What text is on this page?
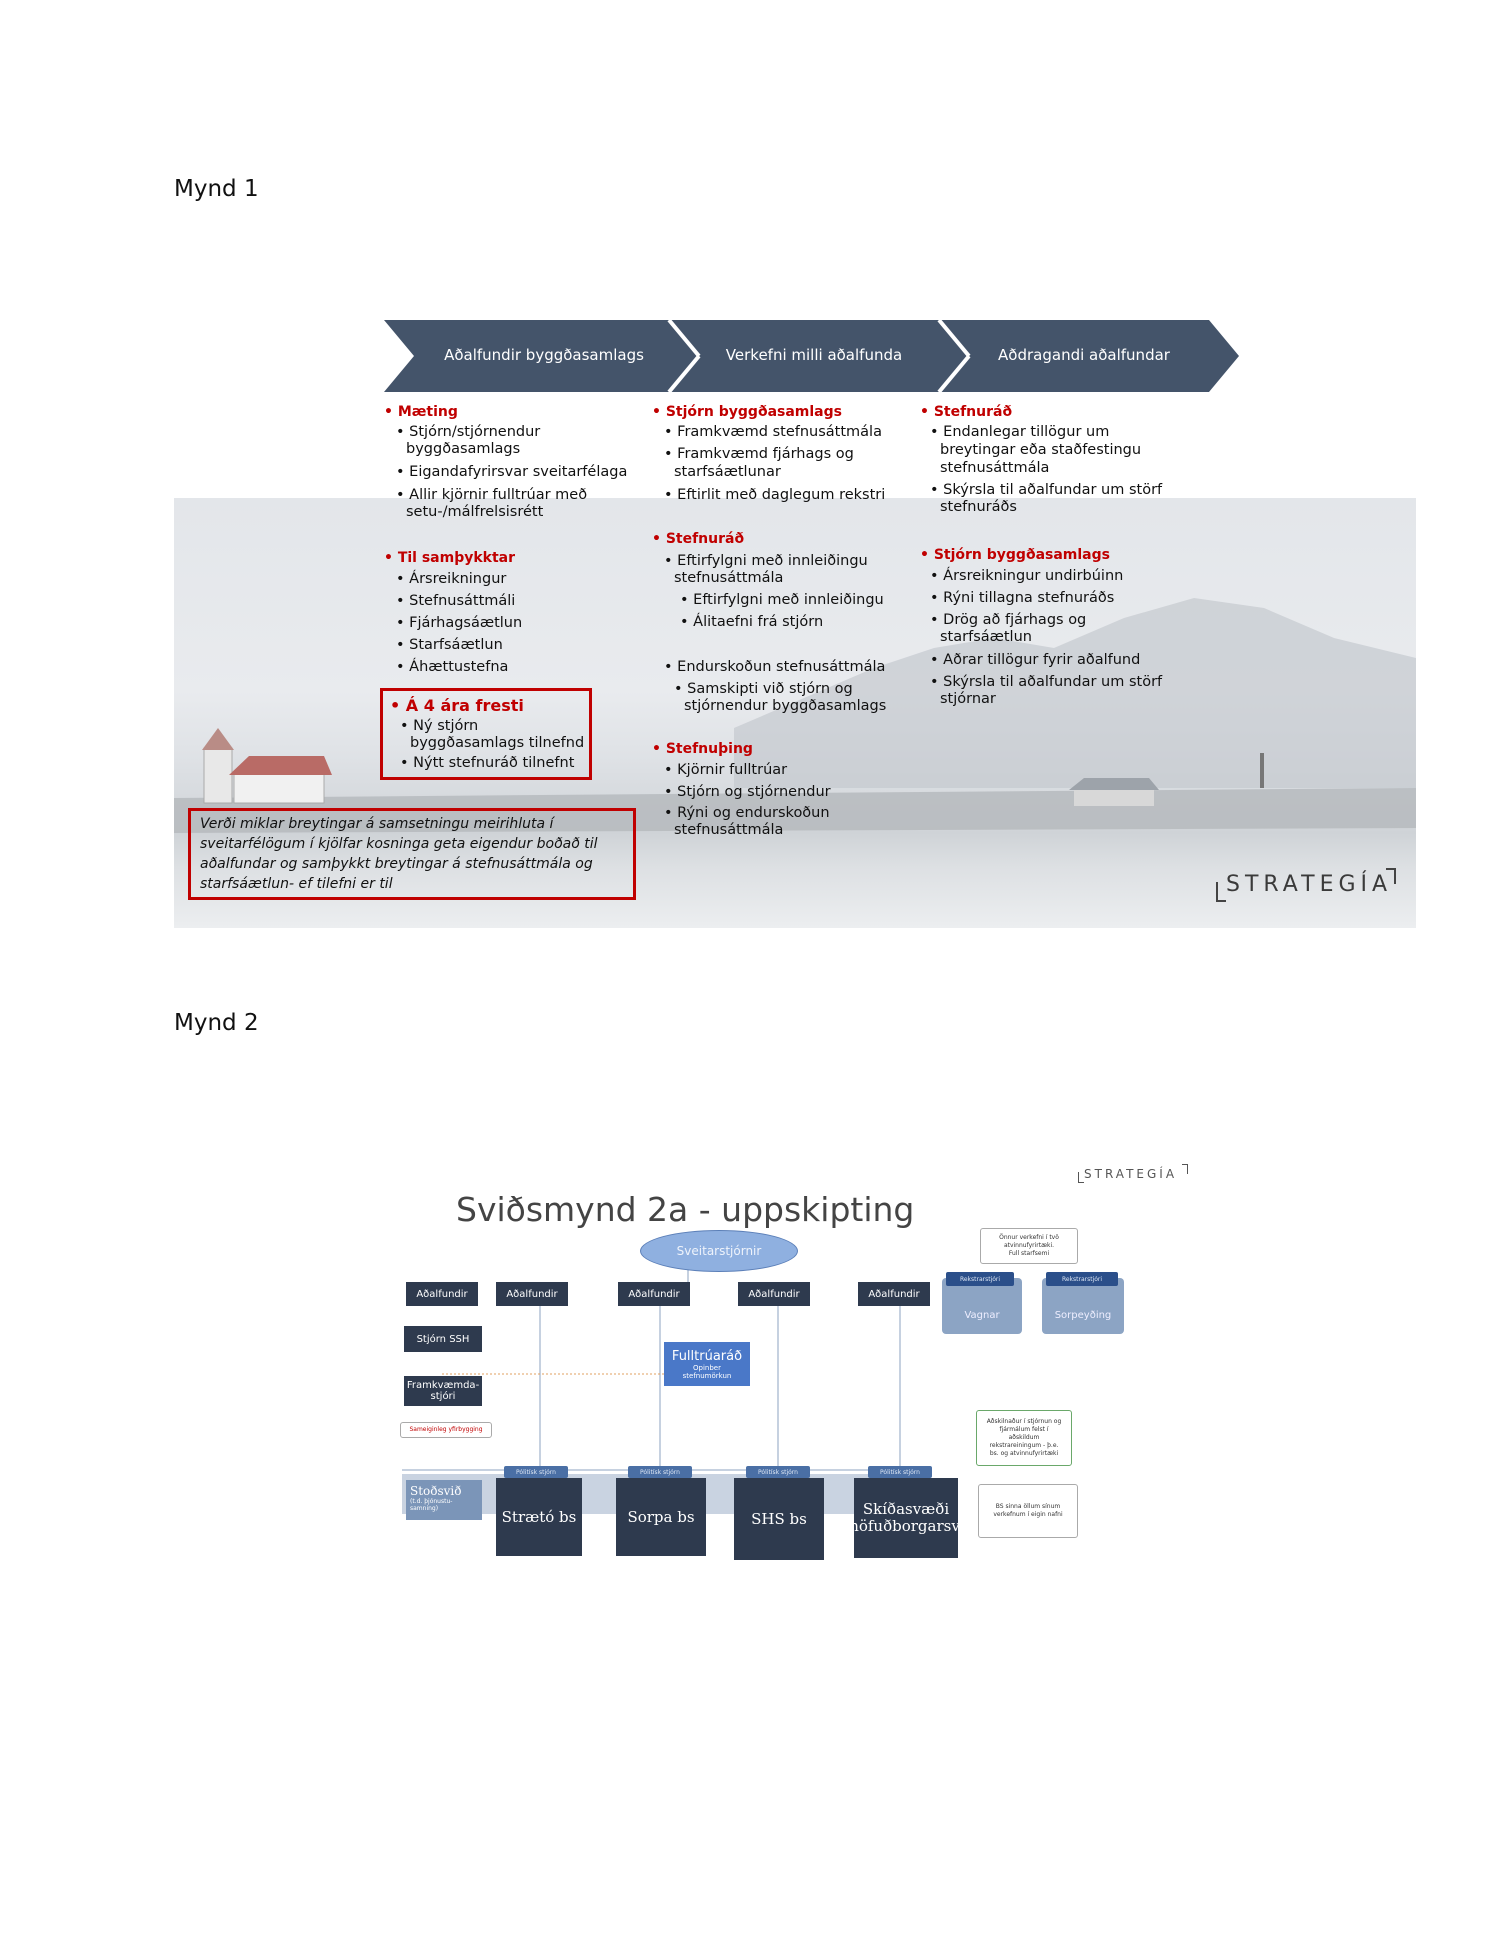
Mynd 1
Mynd 2
Aðalfundir byggðasamlags	Verkefni milli aðalfunda	Aðdragandi aðalfundar
• Mæting
• Stjórn/stjórnendur
byggðasamlags
• Eigandafyrirsvar sveitarfélaga
• Allir kjörnir fulltrúar með
setu-/málfrelsisrétt
• Til samþykktar
• Ársreikningur
• Stefnusáttmáli
• Fjárhagsáætlun
• Starfsáætlun
• Áhættustefna
• Á 4 ára fresti
• Ný stjórn
byggðasamlags tilnefnd
• Nýtt stefnuráð tilnefnt
• Stjórn byggðasamlags
• Framkvæmd stefnusáttmála
• Framkvæmd fjárhags og
starfsáætlunar
• Eftirlit með daglegum rekstri
• Stefnuráð
• Eftirfylgni með innleiðingu
stefnusáttmála
• Eftirfylgni með innleiðingu
• Álitaefni frá stjórn
• Endurskoðun stefnusáttmála
• Samskipti við stjórn og
stjórnendur byggðasamlags
• Stefnuþing
• Kjörnir fulltrúar
• Stjórn og stjórnendur
• Rýni og endurskoðun
stefnusáttmála
• Stefnuráð
• Endanlegar tillögur um
breytingar eða staðfestingu
stefnusáttmála
• Skýrsla til aðalfundar um störf
stefnuráðs
• Stjórn byggðasamlags
• Ársreikningur undirbúinn
• Rýni tillagna stefnuráðs
• Drög að fjárhags og
starfsáætlun
• Aðrar tillögur fyrir aðalfund
• Skýrsla til aðalfundar um störf
stjórnar
Verði miklar breytingar á samsetningu meirihluta í
sveitarfélögum í kjölfar kosninga geta eigendur boðað til
aðalfundar og samþykkt breytingar á stefnusáttmála og
starfsáætlun- ef tilefni er til	STRATEGÍA
STRATEGÍA
Sviðsmynd 2a - uppskipting
Sveitarstjórnir
Aðalfundir	Aðalfundir	Aðalfundir	Aðalfundir	Aðalfundir
Stjórn SSH
Framkvæmda-
stjóri
Sameiginleg yfirbygging
Fulltrúaráð
Opinber
stefnumörkun
Stoðsvið
(t.d. þjónustu-
samning)
Pólitísk stjórn	Pólitísk stjórn	Pólitísk stjórn	Pólitísk stjórn
Strætó bs	Sorpa bs	SHS bs
Skíðasvæði
höfuðborgarsv.
Önnur verkefni í tvö
atvinnufyrirtæki.
Full starfsemi
Rekstrarstjóri
Vagnar
Rekstrarstjóri
Sorpeyðing
Aðskilnaður í stjórnun og
fjármálum felst í
aðskildum
rekstrareiningum - þ.e.
bs. og atvinnufyrirtæki
BS sinna öllum sínum
verkefnum í eigin nafni
